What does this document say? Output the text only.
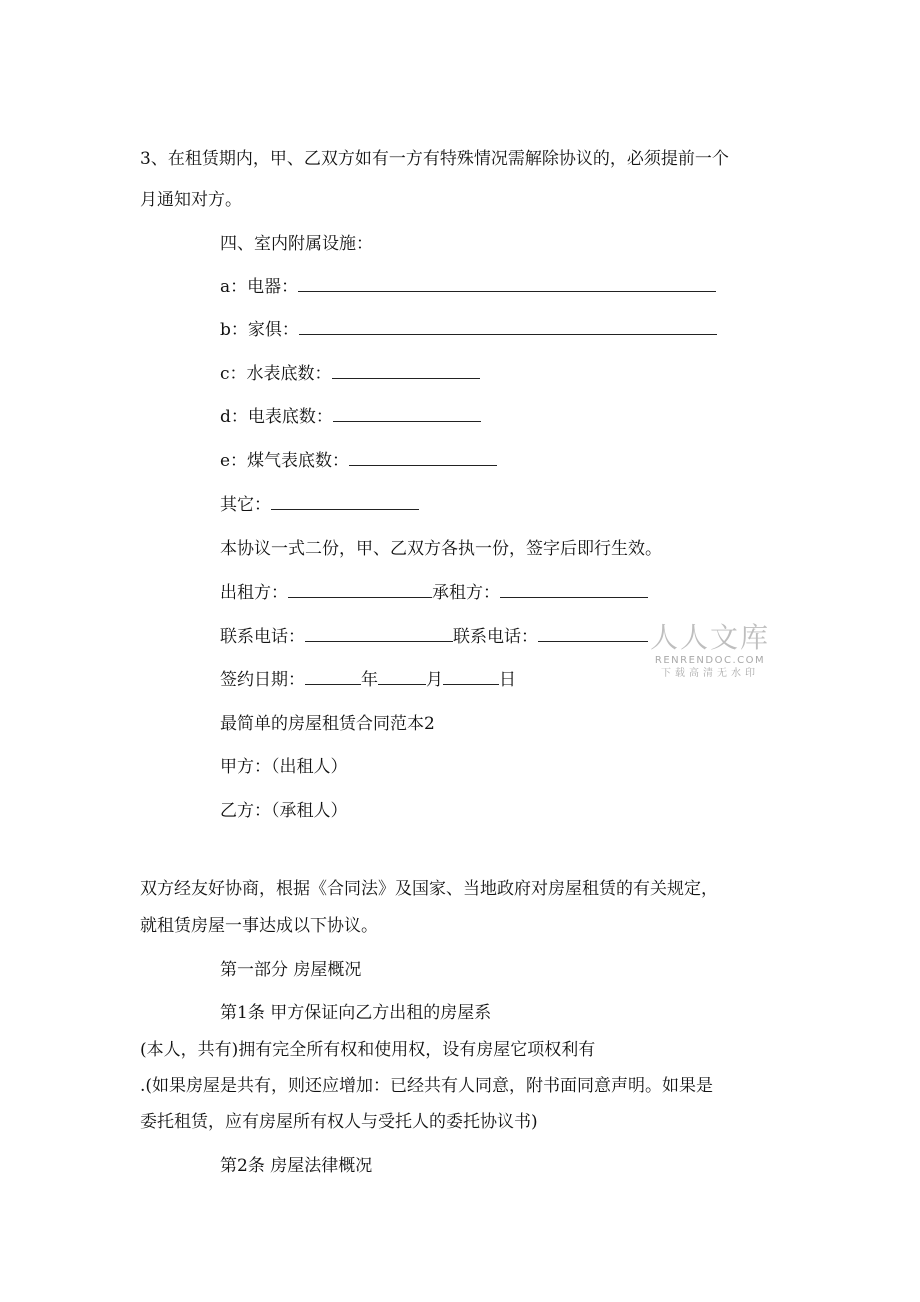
3、在租赁期内，甲、乙双方如有一方有特殊情况需解除协议的，必须提前一个
月通知对方。
四、室内附属设施：
a：电器：
b：家俱：
c：水表底数：
d：电表底数：
e：煤气表底数：
其它：
本协议一式二份，甲、乙双方各执一份，签字后即行生效。
出租方：	承租方：
联系电话：	联系电话：
签约日期：	年	月	日
最简单的房屋租赁合同范本2
甲方：（出租人）
乙方：（承租人）
双方经友好协商，根据《合同法》及国家、当地政府对房屋租赁的有关规定，
就租赁房屋一事达成以下协议。
第一部分 房屋概况
第1条 甲方保证向乙方出租的房屋系
(本人，共有)拥有完全所有权和使用权，设有房屋它项权利有
.(如果房屋是共有，则还应增加：已经共有人同意，附书面同意声明。如果是
委托租赁，应有房屋所有权人与受托人的委托协议书)
第2条 房屋法律概况
人人文库
RENRENDOC.COM
下载高清无水印
